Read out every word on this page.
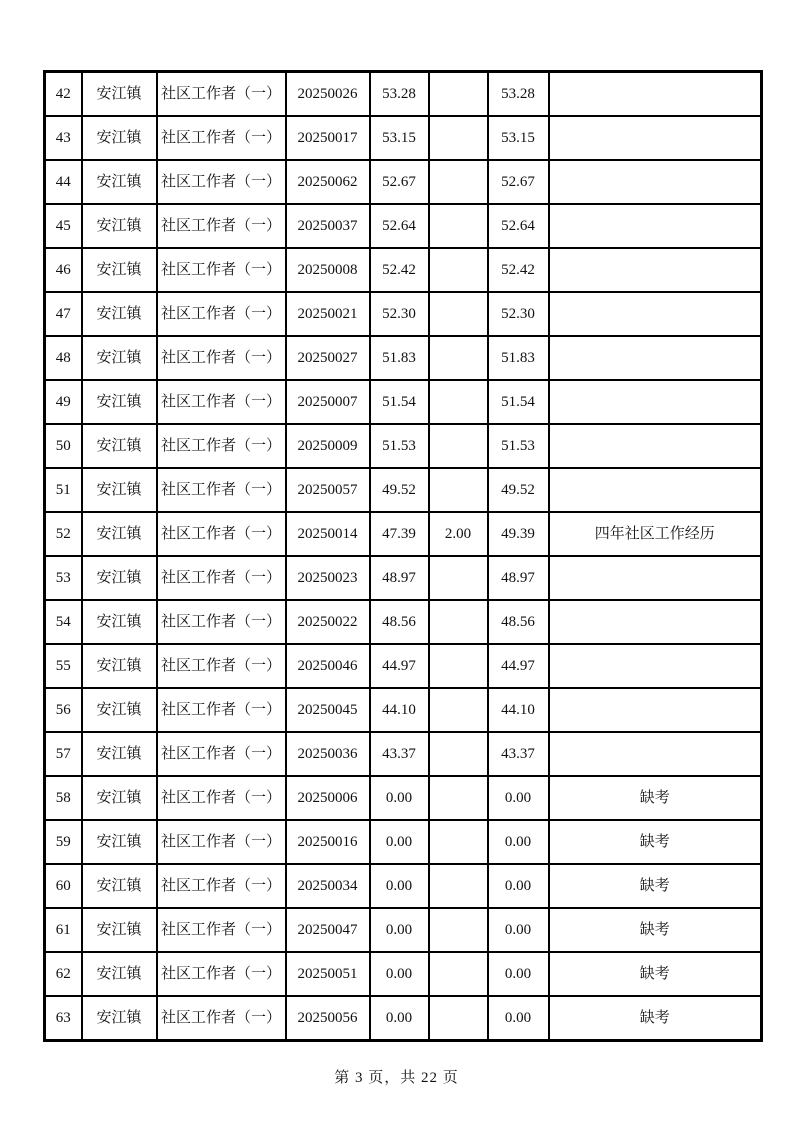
42	安江镇	社区工作者（一）	20250026	53.28		53.28	
43	安江镇	社区工作者（一）	20250017	53.15		53.15	
44	安江镇	社区工作者（一）	20250062	52.67		52.67	
45	安江镇	社区工作者（一）	20250037	52.64		52.64	
46	安江镇	社区工作者（一）	20250008	52.42		52.42	
47	安江镇	社区工作者（一）	20250021	52.30		52.30	
48	安江镇	社区工作者（一）	20250027	51.83		51.83	
49	安江镇	社区工作者（一）	20250007	51.54		51.54	
50	安江镇	社区工作者（一）	20250009	51.53		51.53	
51	安江镇	社区工作者（一）	20250057	49.52		49.52	
52	安江镇	社区工作者（一）	20250014	47.39	2.00	49.39	四年社区工作经历
53	安江镇	社区工作者（一）	20250023	48.97		48.97	
54	安江镇	社区工作者（一）	20250022	48.56		48.56	
55	安江镇	社区工作者（一）	20250046	44.97		44.97	
56	安江镇	社区工作者（一）	20250045	44.10		44.10	
57	安江镇	社区工作者（一）	20250036	43.37		43.37	
58	安江镇	社区工作者（一）	20250006	0.00		0.00	缺考
59	安江镇	社区工作者（一）	20250016	0.00		0.00	缺考
60	安江镇	社区工作者（一）	20250034	0.00		0.00	缺考
61	安江镇	社区工作者（一）	20250047	0.00		0.00	缺考
62	安江镇	社区工作者（一）	20250051	0.00		0.00	缺考
63	安江镇	社区工作者（一）	20250056	0.00		0.00	缺考
第 3 页，共 22 页
